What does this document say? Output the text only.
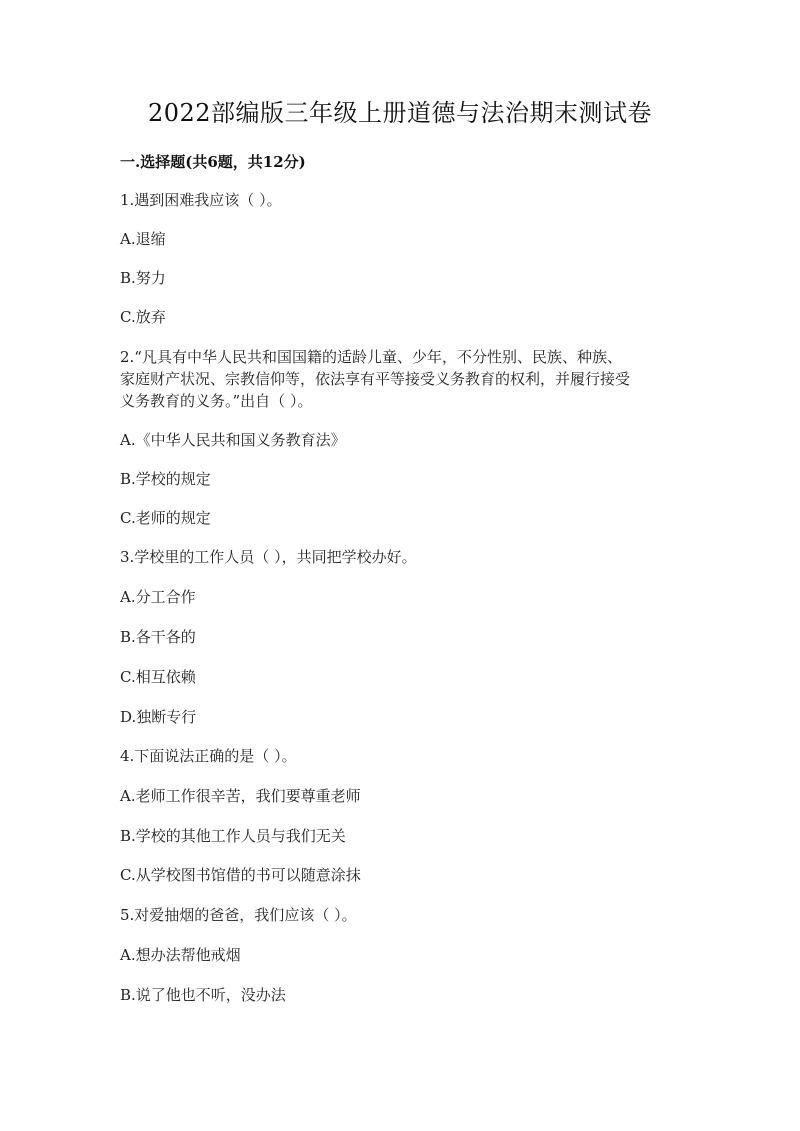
2022部编版三年级上册道德与法治期末测试卷
一.选择题(共6题，共12分)
1.遇到困难我应该（ ）。
A.退缩
B.努力
C.放弃
2.“凡具有中华人民共和国国籍的适龄儿童、少年，不分性别、民族、种族、
家庭财产状况、宗教信仰等，依法享有平等接受义务教育的权利，并履行接受
义务教育的义务。”出自（ ）。
A.《中华人民共和国义务教育法》
B.学校的规定
C.老师的规定
3.学校里的工作人员（ ），共同把学校办好。
A.分工合作
B.各干各的
C.相互依赖
D.独断专行
4.下面说法正确的是（ ）。
A.老师工作很辛苦，我们要尊重老师
B.学校的其他工作人员与我们无关
C.从学校图书馆借的书可以随意涂抹
5.对爱抽烟的爸爸，我们应该（ ）。
A.想办法帮他戒烟
B.说了他也不听，没办法
